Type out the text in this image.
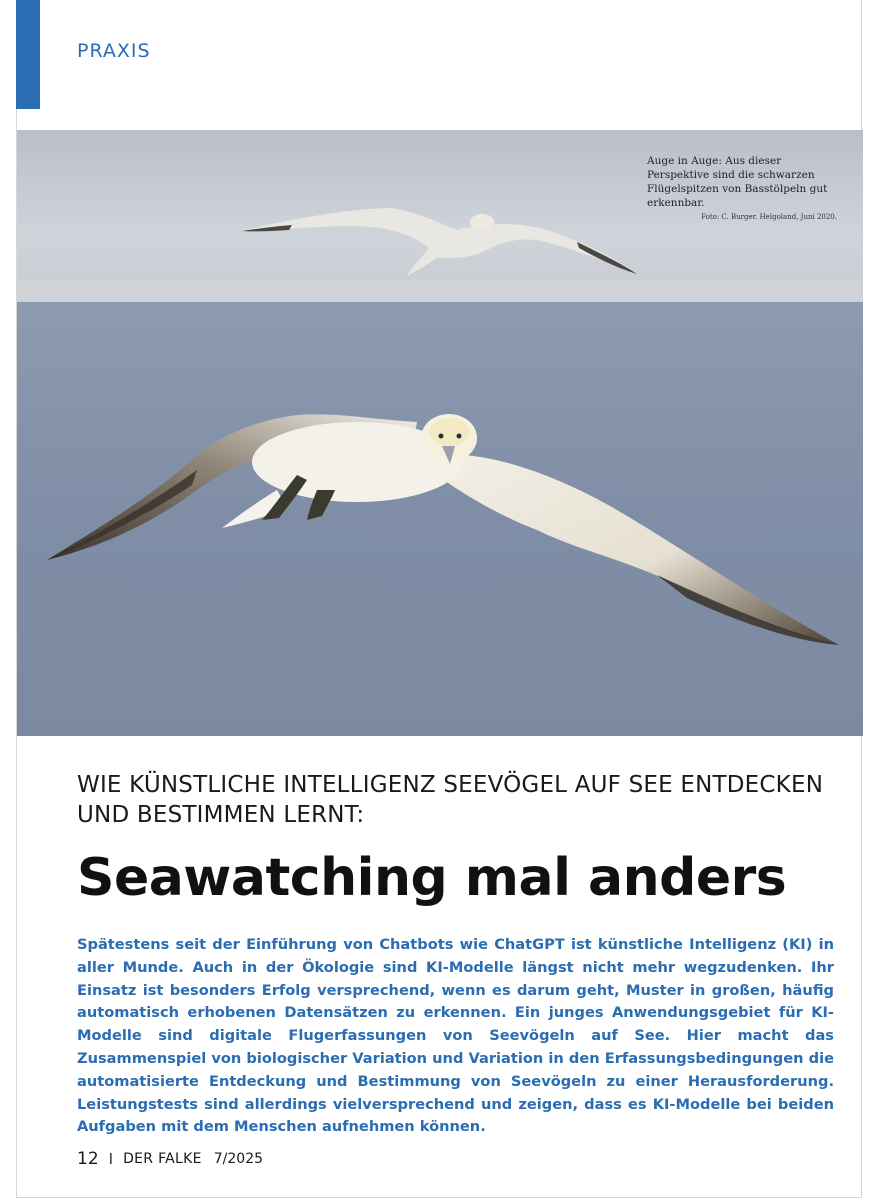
PRAXIS
Auge in Auge: Aus dieser Perspektive sind die schwarzen Flügelspitzen von Basstölpeln gut erkennbar.
Foto: C. Burger. Helgoland, Juni 2020.
WIE KÜNSTLICHE INTELLIGENZ SEEVÖGEL AUF SEE ENTDECKEN
UND BESTIMMEN LERNT:
Seawatching mal anders
Spätestens seit der Einführung von Chatbots wie ChatGPT ist künstliche Intelligenz (KI) in aller Munde. Auch in der Ökologie sind KI-Modelle längst nicht mehr wegzudenken. Ihr Einsatz ist besonders Erfolg versprechend, wenn es darum geht, Muster in großen, häufig automatisch erhobenen Datensätzen zu erkennen. Ein junges Anwendungsgebiet für KI-Modelle sind digitale Flugerfassungen von Seevögeln auf See. Hier macht das Zusammenspiel von biologischer Variation und Variation in den Erfassungsbedingungen die automatisierte Entdeckung und Bestimmung von Seevögeln zu einer Herausforderung. Leistungstests sind allerdings vielversprechend und zeigen, dass es KI-Modelle bei beiden Aufgaben mit dem Menschen aufnehmen können.
12 I DER FALKE 7/2025
